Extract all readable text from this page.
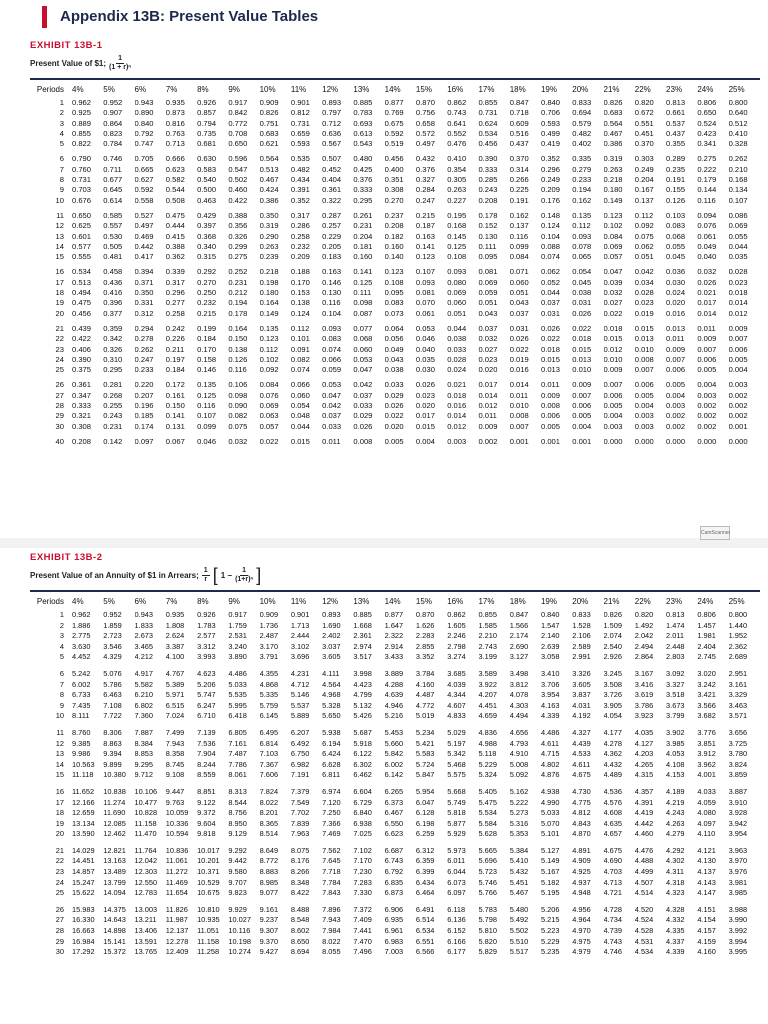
Appendix 13B: Present Value Tables
EXHIBIT 13B-1
Present Value of $1; $\frac{1}{\text{(1 + r)ⁿ}}$
Periods	4%	5%	6%	7%	8%	9%	10%	11%	12%	13%	14%	15%	16%	17%	18%	19%	20%	21%	22%	23%	24%	25%
1	0.962	0.952	0.943	0.935	0.926	0.917	0.909	0.901	0.893	0.885	0.877	0.870	0.862	0.855	0.847	0.840	0.833	0.826	0.820	0.813	0.806	0.800
2	0.925	0.907	0.890	0.873	0.857	0.842	0.826	0.812	0.797	0.783	0.769	0.756	0.743	0.731	0.718	0.706	0.694	0.683	0.672	0.661	0.650	0.640
3	0.889	0.864	0.840	0.816	0.794	0.772	0.751	0.731	0.712	0.693	0.675	0.658	0.641	0.624	0.609	0.593	0.579	0.564	0.551	0.537	0.524	0.512
4	0.855	0.823	0.792	0.763	0.735	0.708	0.683	0.659	0.636	0.613	0.592	0.572	0.552	0.534	0.516	0.499	0.482	0.467	0.451	0.437	0.423	0.410
5	0.822	0.784	0.747	0.713	0.681	0.650	0.621	0.593	0.567	0.543	0.519	0.497	0.476	0.456	0.437	0.419	0.402	0.386	0.370	0.355	0.341	0.328

6	0.790	0.746	0.705	0.666	0.630	0.596	0.564	0.535	0.507	0.480	0.456	0.432	0.410	0.390	0.370	0.352	0.335	0.319	0.303	0.289	0.275	0.262
7	0.760	0.711	0.665	0.623	0.583	0.547	0.513	0.482	0.452	0.425	0.400	0.376	0.354	0.333	0.314	0.296	0.279	0.263	0.249	0.235	0.222	0.210
8	0.731	0.677	0.627	0.582	0.540	0.502	0.467	0.434	0.404	0.376	0.351	0.327	0.305	0.285	0.266	0.249	0.233	0.218	0.204	0.191	0.179	0.168
9	0.703	0.645	0.592	0.544	0.500	0.460	0.424	0.391	0.361	0.333	0.308	0.284	0.263	0.243	0.225	0.209	0.194	0.180	0.167	0.155	0.144	0.134
10	0.676	0.614	0.558	0.508	0.463	0.422	0.386	0.352	0.322	0.295	0.270	0.247	0.227	0.208	0.191	0.176	0.162	0.149	0.137	0.126	0.116	0.107

11	0.650	0.585	0.527	0.475	0.429	0.388	0.350	0.317	0.287	0.261	0.237	0.215	0.195	0.178	0.162	0.148	0.135	0.123	0.112	0.103	0.094	0.086
12	0.625	0.557	0.497	0.444	0.397	0.356	0.319	0.286	0.257	0.231	0.208	0.187	0.168	0.152	0.137	0.124	0.112	0.102	0.092	0.083	0.076	0.069
13	0.601	0.530	0.469	0.415	0.368	0.326	0.290	0.258	0.229	0.204	0.182	0.163	0.145	0.130	0.116	0.104	0.093	0.084	0.075	0.068	0.061	0.055
14	0.577	0.505	0.442	0.388	0.340	0.299	0.263	0.232	0.205	0.181	0.160	0.141	0.125	0.111	0.099	0.088	0.078	0.069	0.062	0.055	0.049	0.044
15	0.555	0.481	0.417	0.362	0.315	0.275	0.239	0.209	0.183	0.160	0.140	0.123	0.108	0.095	0.084	0.074	0.065	0.057	0.051	0.045	0.040	0.035

16	0.534	0.458	0.394	0.339	0.292	0.252	0.218	0.188	0.163	0.141	0.123	0.107	0.093	0.081	0.071	0.062	0.054	0.047	0.042	0.036	0.032	0.028
17	0.513	0.436	0.371	0.317	0.270	0.231	0.198	0.170	0.146	0.125	0.108	0.093	0.080	0.069	0.060	0.052	0.045	0.039	0.034	0.030	0.026	0.023
18	0.494	0.416	0.350	0.296	0.250	0.212	0.180	0.153	0.130	0.111	0.095	0.081	0.069	0.059	0.051	0.044	0.038	0.032	0.028	0.024	0.021	0.018
19	0.475	0.396	0.331	0.277	0.232	0.194	0.164	0.138	0.116	0.098	0.083	0.070	0.060	0.051	0.043	0.037	0.031	0.027	0.023	0.020	0.017	0.014
20	0.456	0.377	0.312	0.258	0.215	0.178	0.149	0.124	0.104	0.087	0.073	0.061	0.051	0.043	0.037	0.031	0.026	0.022	0.019	0.016	0.014	0.012

21	0.439	0.359	0.294	0.242	0.199	0.164	0.135	0.112	0.093	0.077	0.064	0.053	0.044	0.037	0.031	0.026	0.022	0.018	0.015	0.013	0.011	0.009
22	0.422	0.342	0.278	0.226	0.184	0.150	0.123	0.101	0.083	0.068	0.056	0.046	0.038	0.032	0.026	0.022	0.018	0.015	0.013	0.011	0.009	0.007
23	0.406	0.326	0.262	0.211	0.170	0.138	0.112	0.091	0.074	0.060	0.049	0.040	0.033	0.027	0.022	0.018	0.015	0.012	0.010	0.009	0.007	0.006
24	0.390	0.310	0.247	0.197	0.158	0.126	0.102	0.082	0.066	0.053	0.043	0.035	0.028	0.023	0.019	0.015	0.013	0.010	0.008	0.007	0.006	0.005
25	0.375	0.295	0.233	0.184	0.146	0.116	0.092	0.074	0.059	0.047	0.038	0.030	0.024	0.020	0.016	0.013	0.010	0.009	0.007	0.006	0.005	0.004

26	0.361	0.281	0.220	0.172	0.135	0.106	0.084	0.066	0.053	0.042	0.033	0.026	0.021	0.017	0.014	0.011	0.009	0.007	0.006	0.005	0.004	0.003
27	0.347	0.268	0.207	0.161	0.125	0.098	0.076	0.060	0.047	0.037	0.029	0.023	0.018	0.014	0.011	0.009	0.007	0.006	0.005	0.004	0.003	0.002
28	0.333	0.255	0.196	0.150	0.116	0.090	0.069	0.054	0.042	0.033	0.026	0.020	0.016	0.012	0.010	0.008	0.006	0.005	0.004	0.003	0.002	0.002
29	0.321	0.243	0.185	0.141	0.107	0.082	0.063	0.048	0.037	0.029	0.022	0.017	0.014	0.011	0.008	0.006	0.005	0.004	0.003	0.002	0.002	0.002
30	0.308	0.231	0.174	0.131	0.099	0.075	0.057	0.044	0.033	0.026	0.020	0.015	0.012	0.009	0.007	0.005	0.004	0.003	0.003	0.002	0.002	0.001

40	0.208	0.142	0.097	0.067	0.046	0.032	0.022	0.015	0.011	0.008	0.005	0.004	0.003	0.002	0.001	0.001	0.001	0.000	0.000	0.000	0.000	0.000
CamScanner
EXHIBIT 13B-2
Present Value of an Annuity of $1 in Arrears; $\frac{1}{r}$ [ $1 - \frac{1}{\text{(1+r)ⁿ}}$ ]
Periods	4%	5%	6%	7%	8%	9%	10%	11%	12%	13%	14%	15%	16%	17%	18%	19%	20%	21%	22%	23%	24%	25%
1	0.962	0.952	0.943	0.935	0.926	0.917	0.909	0.901	0.893	0.885	0.877	0.870	0.862	0.855	0.847	0.840	0.833	0.826	0.820	0.813	0.806	0.800
2	1.886	1.859	1.833	1.808	1.783	1.759	1.736	1.713	1.690	1.668	1.647	1.626	1.605	1.585	1.566	1.547	1.528	1.509	1.492	1.474	1.457	1.440
3	2.775	2.723	2.673	2.624	2.577	2.531	2.487	2.444	2.402	2.361	2.322	2.283	2.246	2.210	2.174	2.140	2.106	2.074	2.042	2.011	1.981	1.952
4	3.630	3.546	3.465	3.387	3.312	3.240	3.170	3.102	3.037	2.974	2.914	2.855	2.798	2.743	2.690	2.639	2.589	2.540	2.494	2.448	2.404	2.362
5	4.452	4.329	4.212	4.100	3.993	3.890	3.791	3.696	3.605	3.517	3.433	3.352	3.274	3.199	3.127	3.058	2.991	2.926	2.864	2.803	2.745	2.689

6	5.242	5.076	4.917	4.767	4.623	4.486	4.355	4.231	4.111	3.998	3.889	3.784	3.685	3.589	3.498	3.410	3.326	3.245	3.167	3.092	3.020	2.951
7	6.002	5.786	5.582	5.389	5.206	5.033	4.868	4.712	4.564	4.423	4.288	4.160	4.039	3.922	3.812	3.706	3.605	3.508	3.416	3.327	3.242	3.161
8	6.733	6.463	6.210	5.971	5.747	5.535	5.335	5.146	4.968	4.799	4.639	4.487	4.344	4.207	4.078	3.954	3.837	3.726	3.619	3.518	3.421	3.329
9	7.435	7.108	6.802	6.515	6.247	5.995	5.759	5.537	5.328	5.132	4.946	4.772	4.607	4.451	4.303	4.163	4.031	3.905	3.786	3.673	3.566	3.463
10	8.111	7.722	7.360	7.024	6.710	6.418	6.145	5.889	5.650	5.426	5.216	5.019	4.833	4.659	4.494	4.339	4.192	4.054	3.923	3.799	3.682	3.571

11	8.760	8.306	7.887	7.499	7.139	6.805	6.495	6.207	5.938	5.687	5.453	5.234	5.029	4.836	4.656	4.486	4.327	4.177	4.035	3.902	3.776	3.656
12	9.385	8.863	8.384	7.943	7.536	7.161	6.814	6.492	6.194	5.918	5.660	5.421	5.197	4.988	4.793	4.611	4.439	4.278	4.127	3.985	3.851	3.725
13	9.986	9.394	8.853	8.358	7.904	7.487	7.103	6.750	6.424	6.122	5.842	5.583	5.342	5.118	4.910	4.715	4.533	4.362	4.203	4.053	3.912	3.780
14	10.563	9.899	9.295	8.745	8.244	7.786	7.367	6.982	6.628	6.302	6.002	5.724	5.468	5.229	5.008	4.802	4.611	4.432	4.265	4.108	3.962	3.824
15	11.118	10.380	9.712	9.108	8.559	8.061	7.606	7.191	6.811	6.462	6.142	5.847	5.575	5.324	5.092	4.876	4.675	4.489	4.315	4.153	4.001	3.859

16	11.652	10.838	10.106	9.447	8.851	8.313	7.824	7.379	6.974	6.604	6.265	5.954	5.668	5.405	5.162	4.938	4.730	4.536	4.357	4.189	4.033	3.887
17	12.166	11.274	10.477	9.763	9.122	8.544	8.022	7.549	7.120	6.729	6.373	6.047	5.749	5.475	5.222	4.990	4.775	4.576	4.391	4.219	4.059	3.910
18	12.659	11.690	10.828	10.059	9.372	8.756	8.201	7.702	7.250	6.840	6.467	6.128	5.818	5.534	5.273	5.033	4.812	4.608	4.419	4.243	4.080	3.928
19	13.134	12.085	11.158	10.336	9.604	8.950	8.365	7.839	7.366	6.938	6.550	6.198	5.877	5.584	5.316	5.070	4.843	4.635	4.442	4.263	4.097	3.942
20	13.590	12.462	11.470	10.594	9.818	9.129	8.514	7.963	7.469	7.025	6.623	6.259	5.929	5.628	5.353	5.101	4.870	4.657	4.460	4.279	4.110	3.954

21	14.029	12.821	11.764	10.836	10.017	9.292	8.649	8.075	7.562	7.102	6.687	6.312	5.973	5.665	5.384	5.127	4.891	4.675	4.476	4.292	4.121	3.963
22	14.451	13.163	12.042	11.061	10.201	9.442	8.772	8.176	7.645	7.170	6.743	6.359	6.011	5.696	5.410	5.149	4.909	4.690	4.488	4.302	4.130	3.970
23	14.857	13.489	12.303	11.272	10.371	9.580	8.883	8.266	7.718	7.230	6.792	6.399	6.044	5.723	5.432	5.167	4.925	4.703	4.499	4.311	4.137	3.976
24	15.247	13.799	12.550	11.469	10.529	9.707	8.985	8.348	7.784	7.283	6.835	6.434	6.073	5.746	5.451	5.182	4.937	4.713	4.507	4.318	4.143	3.981
25	15.622	14.094	12.783	11.654	10.675	9.823	9.077	8.422	7.843	7.330	6.873	6.464	6.097	5.766	5.467	5.195	4.948	4.721	4.514	4.323	4.147	3.985

26	15.983	14.375	13.003	11.826	10.810	9.929	9.161	8.488	7.896	7.372	6.906	6.491	6.118	5.783	5.480	5.206	4.956	4.728	4.520	4.328	4.151	3.988
27	16.330	14.643	13.211	11.987	10.935	10.027	9.237	8.548	7.943	7.409	6.935	6.514	6.136	5.798	5.492	5.215	4.964	4.734	4.524	4.332	4.154	3.990
28	16.663	14.898	13.406	12.137	11.051	10.116	9.307	8.602	7.984	7.441	6.961	6.534	6.152	5.810	5.502	5.223	4.970	4.739	4.528	4.335	4.157	3.992
29	16.984	15.141	13.591	12.278	11.158	10.198	9.370	8.650	8.022	7.470	6.983	6.551	6.166	5.820	5.510	5.229	4.975	4.743	4.531	4.337	4.159	3.994
30	17.292	15.372	13.765	12.409	11.258	10.274	9.427	8.694	8.055	7.496	7.003	6.566	6.177	5.829	5.517	5.235	4.979	4.746	4.534	4.339	4.160	3.995
